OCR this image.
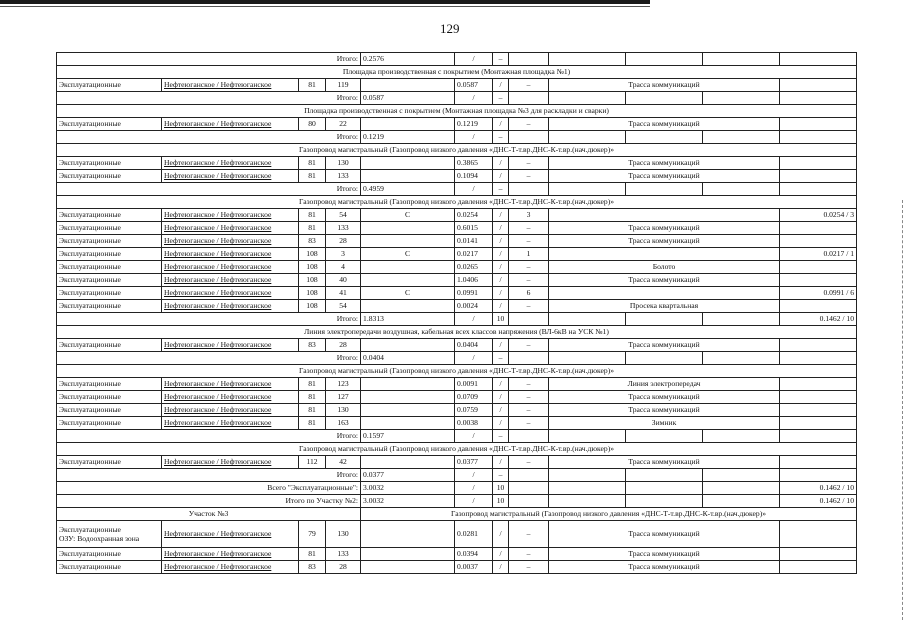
129
Итого:				0.2576	/	–					
Площадка производственная с покрытием (Монтажная площадка №1)											

Эксплуатационные	Нефтеюганское / Нефтеюганское	81	119		0.0587	/	–	Трасса коммуникаций			
Итого:				0.0587	/	–					
Площадка производственная с покрытием (Монтажная площадка №3 для раскладки и сварки)											

Эксплуатационные	Нефтеюганское / Нефтеюганское	80	22		0.1219	/	–	Трасса коммуникаций			
Итого:				0.1219	/	–					
Газопровод магистральный (Газопровод низкого давления «ДНС-Т-т.вр.ДНС-К-т.вр.(нач.дюкер)»											

Эксплуатационные	Нефтеюганское / Нефтеюганское	81	130		0.3865	/	–	Трасса коммуникаций			

Эксплуатационные	Нефтеюганское / Нефтеюганское	81	133		0.1094	/	–	Трасса коммуникаций			
Итого:				0.4959	/	–					
Газопровод магистральный (Газопровод низкого давления «ДНС-Т-т.вр.ДНС-К-т.вр.(нач.дюкер)»											

Эксплуатационные	Нефтеюганское / Нефтеюганское	81	54	С	0.0254	/	3				0.0254 / 3

Эксплуатационные	Нефтеюганское / Нефтеюганское	81	133		0.6015	/	–	Трасса коммуникаций			

Эксплуатационные	Нефтеюганское / Нефтеюганское	83	28		0.0141	/	–	Трасса коммуникаций			

Эксплуатационные	Нефтеюганское / Нефтеюганское	108	3	С	0.0217	/	1				0.0217 / 1

Эксплуатационные	Нефтеюганское / Нефтеюганское	108	4		0.0265	/	–	Болото			

Эксплуатационные	Нефтеюганское / Нефтеюганское	108	40		1.0406	/	–	Трасса коммуникаций			

Эксплуатационные	Нефтеюганское / Нефтеюганское	108	41	С	0.0991	/	6				0.0991 / 6

Эксплуатационные	Нефтеюганское / Нефтеюганское	108	54		0.0024	/	–	Просека квартальная			
Итого:				1.8313	/	10					0.1462 / 10
Линия электропередачи воздушная, кабельная всех классов напряжения (ВЛ-6кВ на УСК №1)											

Эксплуатационные	Нефтеюганское / Нефтеюганское	83	28		0.0404	/	–	Трасса коммуникаций			
Итого:				0.0404	/	–					
Газопровод магистральный (Газопровод низкого давления «ДНС-Т-т.вр.ДНС-К-т.вр.(нач.дюкер)»											

Эксплуатационные	Нефтеюганское / Нефтеюганское	81	123		0.0091	/	–	Линия электропередач			

Эксплуатационные	Нефтеюганское / Нефтеюганское	81	127		0.0709	/	–	Трасса коммуникаций			

Эксплуатационные	Нефтеюганское / Нефтеюганское	81	130		0.0759	/	–	Трасса коммуникаций			

Эксплуатационные	Нефтеюганское / Нефтеюганское	81	163		0.0038	/	–	Зимник			
Итого:				0.1597	/	–					
Газопровод магистральный (Газопровод низкого давления «ДНС-Т-т.вр.ДНС-К-т.вр.(нач.дюкер)»											

Эксплуатационные	Нефтеюганское / Нефтеюганское	112	42		0.0377	/	–	Трасса коммуникаций			
Итого:				0.0377	/	–					
Всего "Эксплуатационные":				3.0032	/	10					0.1462 / 10
Итого по Участку №2:				3.0032	/	10					0.1462 / 10
Участок №3				Газопровод магистральный (Газопровод низкого давления «ДНС-Т-т.вр.ДНС-К-т.вр.(нач.дюкер)»							

Эксплуатационные
ОЗУ: Водоохранная зона	Нефтеюганское / Нефтеюганское	79	130		0.0281	/	–	Трасса коммуникаций			

Эксплуатационные	Нефтеюганское / Нефтеюганское	81	133		0.0394	/	–	Трасса коммуникаций			

Эксплуатационные	Нефтеюганское / Нефтеюганское	83	28		0.0037	/	–	Трасса коммуникаций			
